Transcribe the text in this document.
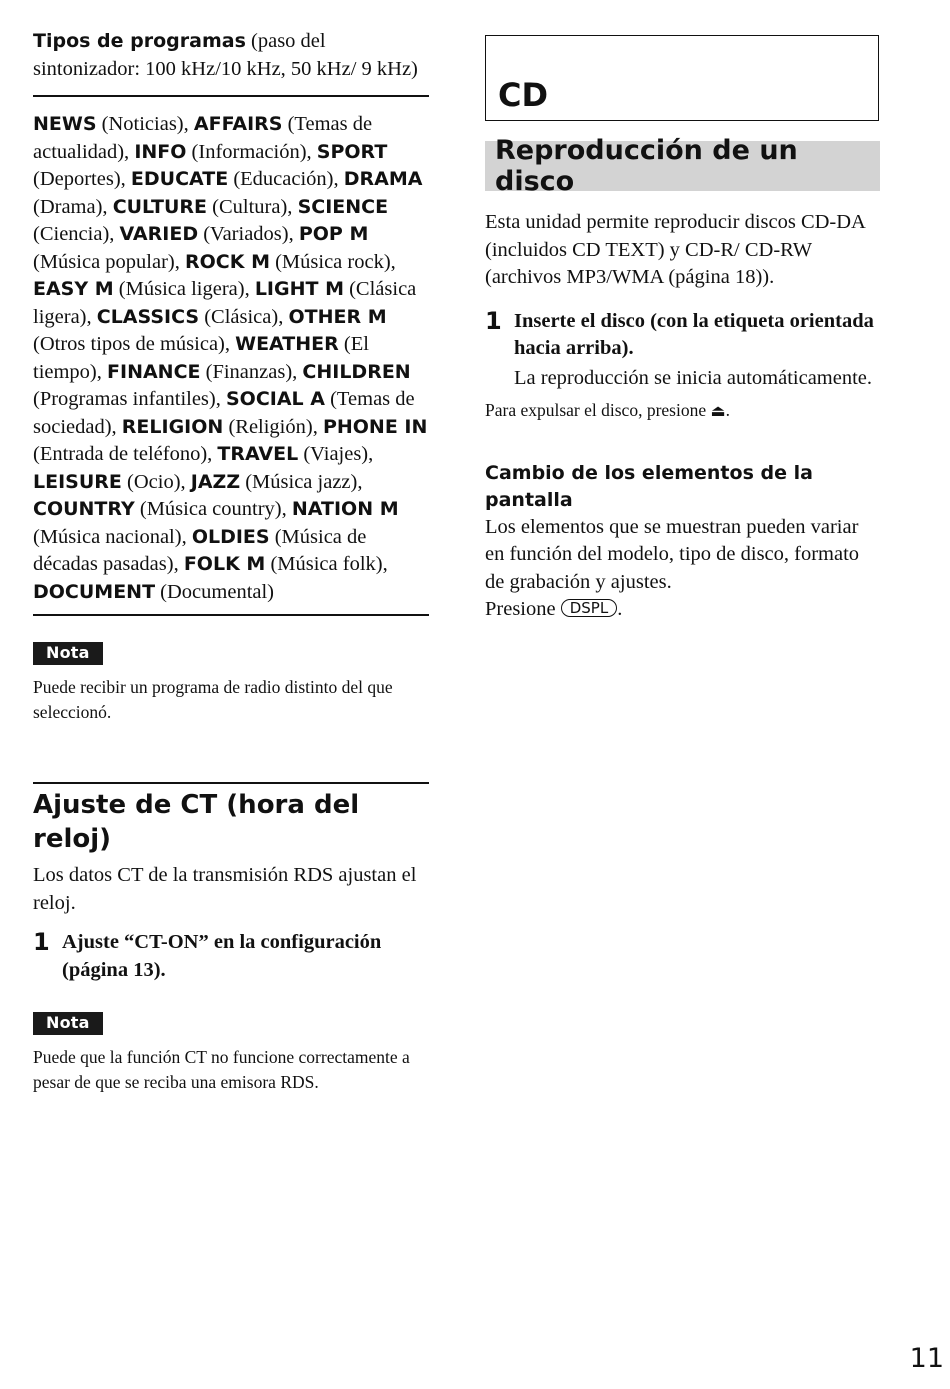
Tipos de programas (paso del sintonizador: 100 kHz/10 kHz, 50 kHz/ 9 kHz)

NEWS (Noticias), AFFAIRS (Temas de actualidad), INFO (Información), SPORT (Deportes), EDUCATE (Educación), DRAMA (Drama), CULTURE (Cultura), SCIENCE (Ciencia), VARIED (Variados), POP M (Música popular), ROCK M (Música rock), EASY M (Música ligera), LIGHT M (Clásica ligera), CLASSICS (Clásica), OTHER M (Otros tipos de música), WEATHER (El tiempo), FINANCE (Finanzas), CHILDREN (Programas infantiles), SOCIAL A (Temas de sociedad), RELIGION (Religión), PHONE IN (Entrada de teléfono), TRAVEL (Viajes), LEISURE (Ocio), JAZZ (Música jazz), COUNTRY (Música country), NATION M (Música nacional), OLDIES (Música de décadas pasadas), FOLK M (Música folk), DOCUMENT (Documental)

Nota

Puede recibir un programa de radio distinto del que seleccionó.

Ajuste de CT (hora del reloj)

Los datos CT de la transmisión RDS ajustan el reloj.

1 Ajuste “CT-ON” en la configuración (página 13).

Nota

Puede que la función CT no funcione correctamente a pesar de que se reciba una emisora RDS.

CD
Reproducción de un disco

Esta unidad permite reproducir discos CD-DA (incluidos CD TEXT) y CD-R/ CD-RW (archivos MP3/WMA (página 18)).

1 Inserte el disco (con la etiqueta orientada hacia arriba).

La reproducción se inicia automáticamente.

Para expulsar el disco, presione ⏏.

Cambio de los elementos de la pantalla

Los elementos que se muestran pueden variar en función del modelo, tipo de disco, formato de grabación y ajustes.

Presione DSPL .

11
